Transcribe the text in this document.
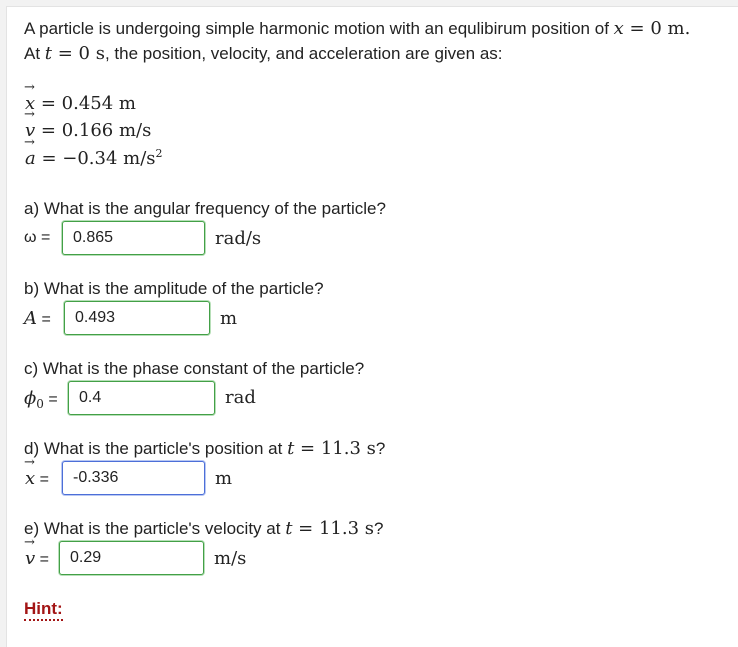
A particle is undergoing simple harmonic motion with an equlibirum position of x = 0 m.
At t = 0 s, the position, velocity, and acceleration are given as:
→ x = 0.454 m
→ v = 0.166 m/s
→ a = −0.34 $m/s^2$
a) What is the angular frequency of the particle?
ω =	0.865	rad/s
b) What is the amplitude of the particle?
A =	0.493	m
c) What is the phase constant of the particle?
$\phi_0$ =	0.4	rad
d) What is the particle's position at t = 11.3 s?
→ x =	-0.336	m
e) What is the particle's velocity at t = 11.3 s?
→ v =	0.29	m/s
Hint:
